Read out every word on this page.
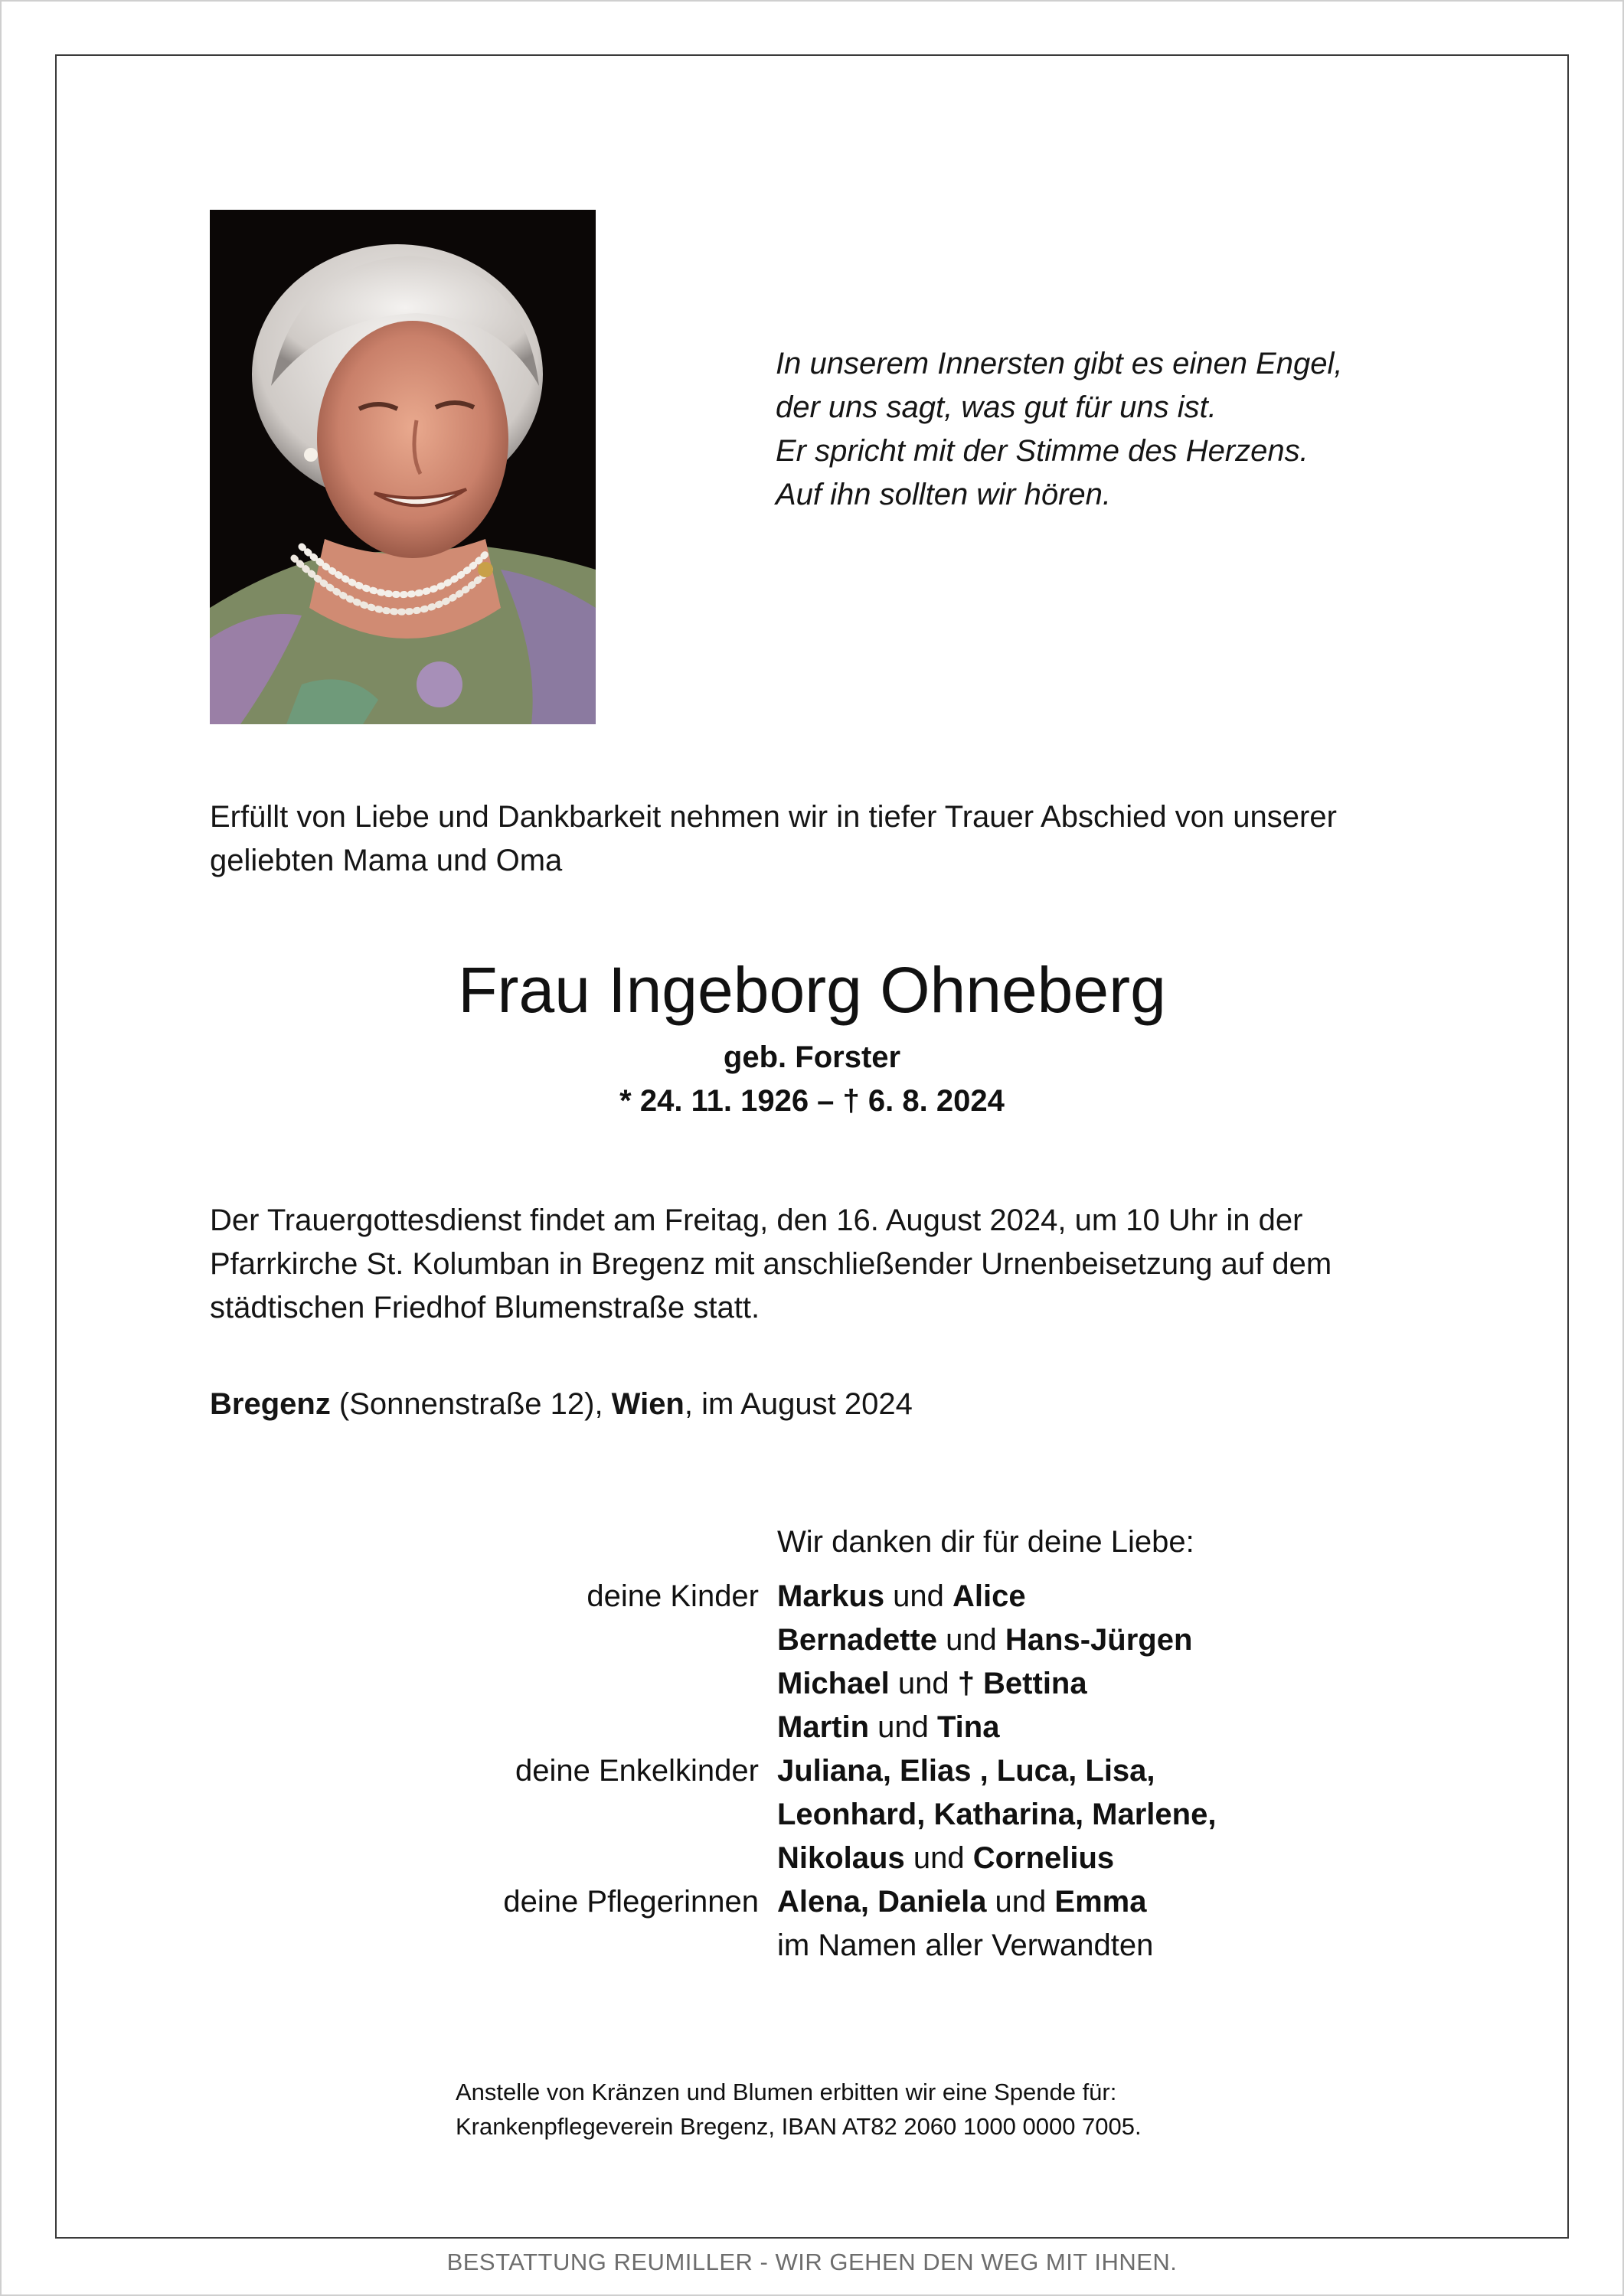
In unserem Innersten gibt es einen Engel,
der uns sagt, was gut für uns ist.
Er spricht mit der Stimme des Herzens.
Auf ihn sollten wir hören.
Erfüllt von Liebe und Dankbarkeit nehmen wir in tiefer Trauer Abschied von unserer geliebten Mama und Oma
Frau Ingeborg Ohneberg
geb. Forster
* 24. 11. 1926 – † 6. 8. 2024
Der Trauergottesdienst findet am Freitag, den 16. August 2024, um 10 Uhr in der
Pfarrkirche St. Kolumban in Bregenz mit anschließender Urnenbeisetzung auf dem
städtischen Friedhof Blumenstraße statt.
Bregenz (Sonnenstraße 12), Wien, im August 2024
Wir danken dir für deine Liebe:
deine Kinder Markus und Alice
Bernadette und Hans-Jürgen
Michael und † Bettina
Martin und Tina
deine Enkelkinder Juliana, Elias , Luca, Lisa,
Leonhard, Katharina, Marlene,
Nikolaus und Cornelius
deine Pflegerinnen Alena, Daniela und Emma
im Namen aller Verwandten
Anstelle von Kränzen und Blumen erbitten wir eine Spende für:
Krankenpflegeverein Bregenz, IBAN AT82 2060 1000 0000 7005.
BESTATTUNG REUMILLER - WIR GEHEN DEN WEG MIT IHNEN.
